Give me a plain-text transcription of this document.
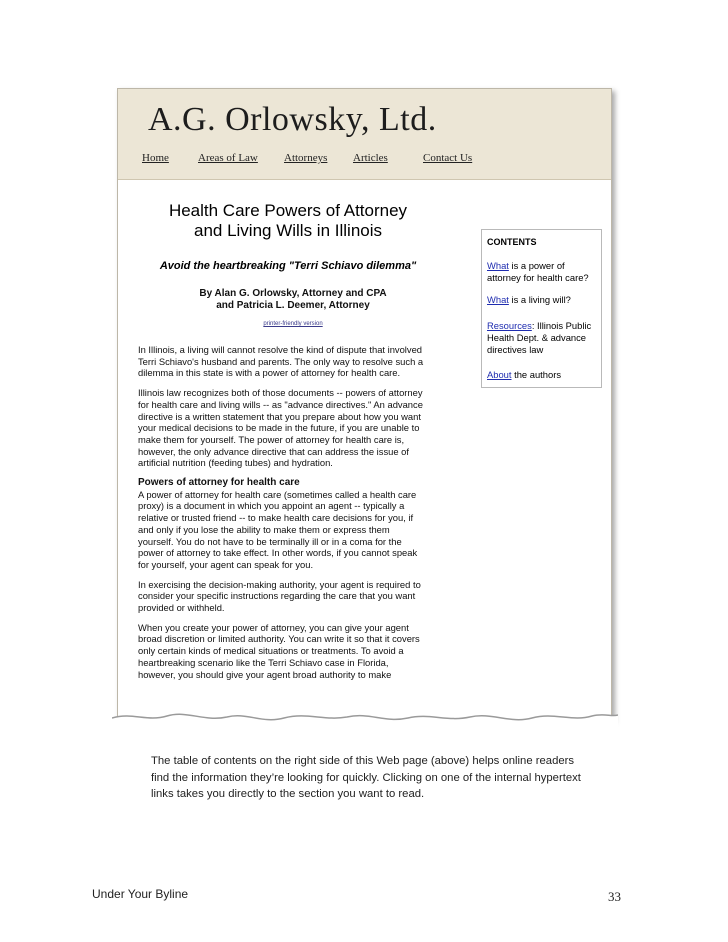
A.G. Orlowsky, Ltd.
Home	Areas of Law Attorneys Articles	Contact Us
Health Care Powers of Attorney
and Living Wills in Illinois
Avoid the heartbreaking "Terri Schiavo dilemma"
By Alan G. Orlowsky, Attorney and CPA
and Patricia L. Deemer, Attorney
printer-friendly version

In Illinois, a living will cannot resolve the kind of dispute that involved
Terri Schiavo's husband and parents. The only way to resolve such a
dilemma in this state is with a power of attorney for health care.

Illinois law recognizes both of those documents -- powers of attorney
for health care and living wills -- as "advance directives." An advance
directive is a written statement that you prepare about how you want
your medical decisions to be made in the future, if you are unable to
make them for yourself. The power of attorney for health care is,
however, the only advance directive that can address the issue of
artificial nutrition (feeding tubes) and hydration.

Powers of attorney for health care

A power of attorney for health care (sometimes called a health care
proxy) is a document in which you appoint an agent -- typically a
relative or trusted friend -- to make health care decisions for you, if
and only if you lose the ability to make them or express them
yourself. You do not have to be terminally ill or in a coma for the
power of attorney to take effect. In other words, if you cannot speak
for yourself, your agent can speak for you.

In exercising the decision-making authority, your agent is required to
consider your specific instructions regarding the care that you want
provided or withheld.

When you create your power of attorney, you can give your agent
broad discretion or limited authority. You can write it so that it covers
only certain kinds of medical situations or treatments. To avoid a
heartbreaking scenario like the Terri Schiavo case in Florida,
however, you should give your agent broad authority to make

CONTENTS
What is a power of attorney for health care?
What is a living will?
Resources: Illinois Public Health Dept. & advance directives law
About the authors
The table of contents on the right side of this Web page (above) helps online readers find the information they’re looking for quickly. Clicking on one of the internal hypertext links takes you directly to the section you want to read.
Under Your Byline	33
